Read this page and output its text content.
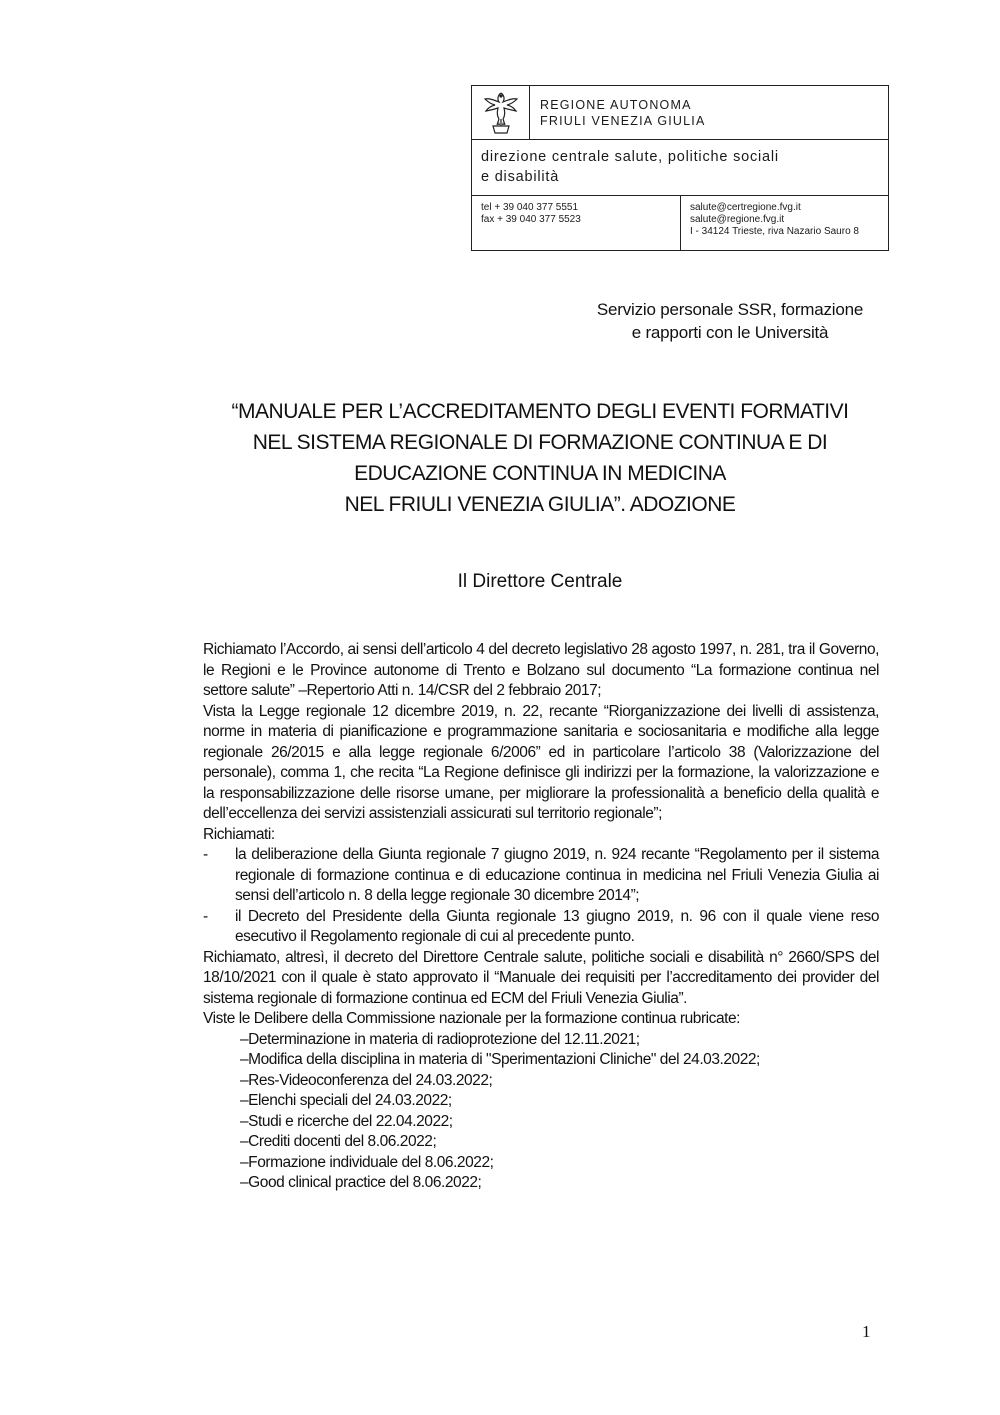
REGIONE AUTONOMA
FRIULI VENEZIA GIULIA
direzione centrale salute, politiche sociali
e disabilità
tel + 39 040 377 5551
fax + 39 040 377 5523
salute@certregione.fvg.it
salute@regione.fvg.it
I - 34124 Trieste, riva Nazario Sauro 8
Servizio personale SSR, formazione
e rapporti con le Università
“MANUALE PER L’ACCREDITAMENTO DEGLI EVENTI FORMATIVI
NEL SISTEMA REGIONALE DI FORMAZIONE CONTINUA E DI
EDUCAZIONE CONTINUA IN MEDICINA
NEL FRIULI VENEZIA GIULIA”. ADOZIONE
Il Direttore Centrale

Richiamato l’Accordo, ai sensi dell’articolo 4 del decreto legislativo 28 agosto 1997, n. 281, tra il Governo, le Regioni e le Province autonome di Trento e Bolzano sul documento “La formazione continua nel settore salute” –Repertorio Atti n. 14/CSR del 2 febbraio 2017;

Vista la Legge regionale 12 dicembre 2019, n. 22, recante “Riorganizzazione dei livelli di assistenza, norme in materia di pianificazione e programmazione sanitaria e sociosanitaria e modifiche alla legge regionale 26/2015 e alla legge regionale 6/2006” ed in particolare l’articolo 38 (Valorizzazione del personale), comma 1, che recita “La Regione definisce gli indirizzi per la formazione, la valorizzazione e la responsabilizzazione delle risorse umane, per migliorare la professionalità a beneficio della qualità e dell’eccellenza dei servizi assistenziali assicurati sul territorio regionale”;

Richiamati:

- la deliberazione della Giunta regionale 7 giugno 2019, n. 924 recante “Regolamento per il sistema regionale di formazione continua e di educazione continua in medicina nel Friuli Venezia Giulia ai sensi dell’articolo n. 8 della legge regionale 30 dicembre 2014”;
- il Decreto del Presidente della Giunta regionale 13 giugno 2019, n. 96 con il quale viene reso esecutivo il Regolamento regionale di cui al precedente punto.

Richiamato, altresì, il decreto del Direttore Centrale salute, politiche sociali e disabilità n° 2660/SPS del 18/10/2021 con il quale è stato approvato il “Manuale dei requisiti per l’accreditamento dei provider del sistema regionale di formazione continua ed ECM del Friuli Venezia Giulia”.

Viste le Delibere della Commissione nazionale per la formazione continua rubricate:

–Determinazione in materia di radioprotezione del 12.11.2021;
–Modifica della disciplina in materia di "Sperimentazioni Cliniche" del 24.03.2022;
–Res-Videoconferenza del 24.03.2022;
–Elenchi speciali del 24.03.2022;
–Studi e ricerche del 22.04.2022;
–Crediti docenti del 8.06.2022;
–Formazione individuale del 8.06.2022;
–Good clinical practice del 8.06.2022;
1
